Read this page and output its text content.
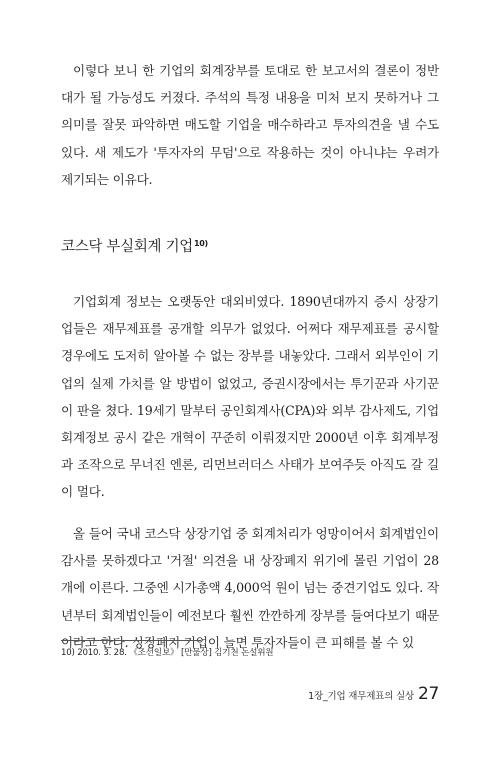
이렇다 보니 한 기업의 회계장부를 토대로 한 보고서의 결론이 정반대가 될 가능성도 커졌다. 주석의 특정 내용을 미처 보지 못하거나 그 의미를 잘못 파악하면 매도할 기업을 매수하라고 투자의견을 낼 수도 있다. 새 제도가 '투자자의 무덤'으로 작용하는 것이 아니냐는 우려가 제기되는 이유다.

코스닥 부실회계 기업$^{10)}$

기업회계 정보는 오랫동안 대외비였다. 1890년대까지 증시 상장기업들은 재무제표를 공개할 의무가 없었다. 어쩌다 재무제표를 공시할 경우에도 도저히 알아볼 수 없는 장부를 내놓았다. 그래서 외부인이 기업의 실제 가치를 알 방법이 없었고, 증권시장에서는 투기꾼과 사기꾼이 판을 쳤다. 19세기 말부터 공인회계사(CPA)와 외부 감사제도, 기업회계정보 공시 같은 개혁이 꾸준히 이뤄졌지만 2000년 이후 회계부정과 조작으로 무너진 엔론, 리먼브러더스 사태가 보여주듯 아직도 갈 길이 멀다.

올 들어 국내 코스닥 상장기업 중 회계처리가 엉망이어서 회계법인이 감사를 못하겠다고 '거절' 의견을 내 상장폐지 위기에 몰린 기업이 28개에 이른다. 그중엔 시가총액 4,000억 원이 넘는 중견기업도 있다. 작년부터 회계법인들이 예전보다 훨씬 깐깐하게 장부를 들여다보기 때문이라고 한다. 상장폐지 기업이 늘면 투자자들이 큰 피해를 볼 수 있

10) 2010. 3. 28. 《조선일보》 [만물상] 김기천 논설위원

1장_기업 재무제표의 실상 27
